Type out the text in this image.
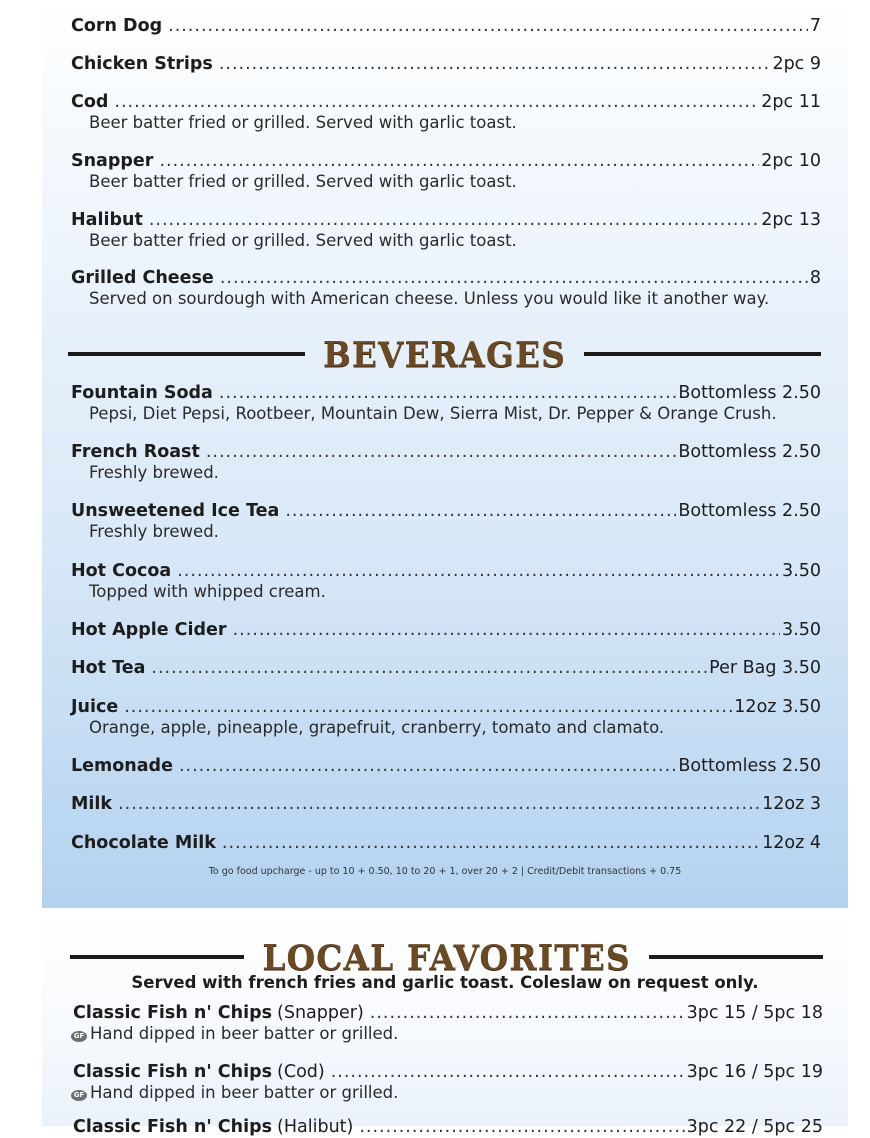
Corn Dog .....	7
Chicken Strips .....	2pc 9
Cod .....	2pc 11
Beer batter fried or grilled. Served with garlic toast.
Snapper .....	2pc 10
Beer batter fried or grilled. Served with garlic toast.
Halibut .....	2pc 13
Beer batter fried or grilled. Served with garlic toast.
Grilled Cheese .....	8
Served on sourdough with American cheese. Unless you would like it another way.
BEVERAGES
Fountain Soda .....	Bottomless 2.50
Pepsi, Diet Pepsi, Rootbeer, Mountain Dew, Sierra Mist, Dr. Pepper & Orange Crush.
French Roast .....	Bottomless 2.50
Freshly brewed.
Unsweetened Ice Tea .....	Bottomless 2.50
Freshly brewed.
Hot Cocoa .....	3.50
Topped with whipped cream.
Hot Apple Cider .....	3.50
Hot Tea .....	Per Bag 3.50
Juice .....	12oz 3.50
Orange, apple, pineapple, grapefruit, cranberry, tomato and clamato.
Lemonade .....	Bottomless 2.50
Milk .....	12oz 3
Chocolate Milk .....	12oz 4
To go food upcharge - up to 10 + 0.50, 10 to 20 + 1, over 20 + 2 | Credit/Debit transactions + 0.75
LOCAL FAVORITES
Served with french fries and garlic toast. Coleslaw on request only.
Classic Fish n' Chips (Snapper) .....	3pc 15 / 5pc 18
GF Hand dipped in beer batter or grilled.
Classic Fish n' Chips (Cod) .....	3pc 16 / 5pc 19
GF Hand dipped in beer batter or grilled.
Classic Fish n' Chips (Halibut) .....	3pc 22 / 5pc 25
